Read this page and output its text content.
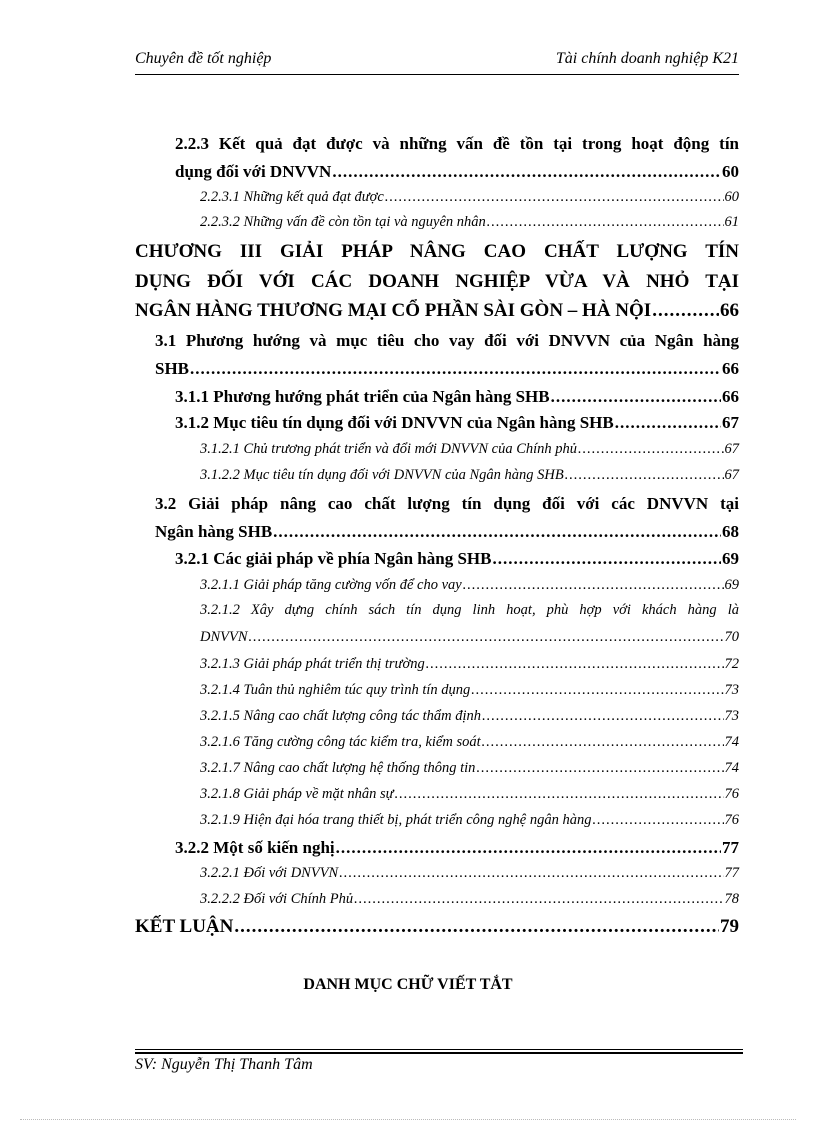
Chuyên đề tốt nghiệp	Tài chính doanh nghiệp K21
2.2.3 Kết quả đạt được và những vấn đề tồn tại trong hoạt động tín
dụng đối với DNVVN .....	60
2.2.3.1 Những kết quả đạt được .....	60
2.2.3.2 Những vấn đề còn tồn tại và nguyên nhân .....	61
CHƯƠNG III GIẢI PHÁP NÂNG CAO CHẤT LƯỢNG TÍN
DỤNG ĐỐI VỚI CÁC DOANH NGHIỆP VỪA VÀ NHỎ TẠI
NGÂN HÀNG THƯƠNG MẠI CỔ PHẦN SÀI GÒN – HÀ NỘI .....	66
3.1 Phương hướng và mục tiêu cho vay đối với DNVVN của Ngân hàng
SHB .....	66
3.1.1 Phương hướng phát triển của Ngân hàng SHB .....	66
3.1.2 Mục tiêu tín dụng đối với DNVVN của Ngân hàng SHB .....	67
3.1.2.1 Chủ trương phát triển và đổi mới DNVVN của Chính phủ .....	67
3.1.2.2 Mục tiêu tín dụng đối với DNVVN của Ngân hàng SHB .....	67
3.2 Giải pháp nâng cao chất lượng tín dụng đối với các DNVVN tại
Ngân hàng SHB .....	68
3.2.1 Các giải pháp về phía Ngân hàng SHB .....	69
3.2.1.1 Giải pháp tăng cường vốn để cho vay .....	69
3.2.1.2 Xây dựng chính sách tín dụng linh hoạt, phù hợp với khách hàng là
DNVVN .....	70
3.2.1.3 Giải pháp phát triển thị trường .....	72
3.2.1.4 Tuân thủ nghiêm túc quy trình tín dụng .....	73
3.2.1.5 Nâng cao chất lượng công tác thẩm định .....	73
3.2.1.6 Tăng cường công tác kiểm tra, kiểm soát .....	74
3.2.1.7 Nâng cao chất lượng hệ thống thông tin .....	74
3.2.1.8 Giải pháp về mặt nhân sự .....	76
3.2.1.9 Hiện đại hóa trang thiết bị, phát triển công nghệ ngân hàng .....	76
3.2.2 Một số kiến nghị .....	77
3.2.2.1 Đối với DNVVN .....	77
3.2.2.2 Đối với Chính Phủ .....	78
KẾT LUẬN .....	79
DANH MỤC CHỮ VIẾT TẮT
SV: Nguyễn Thị Thanh Tâm
